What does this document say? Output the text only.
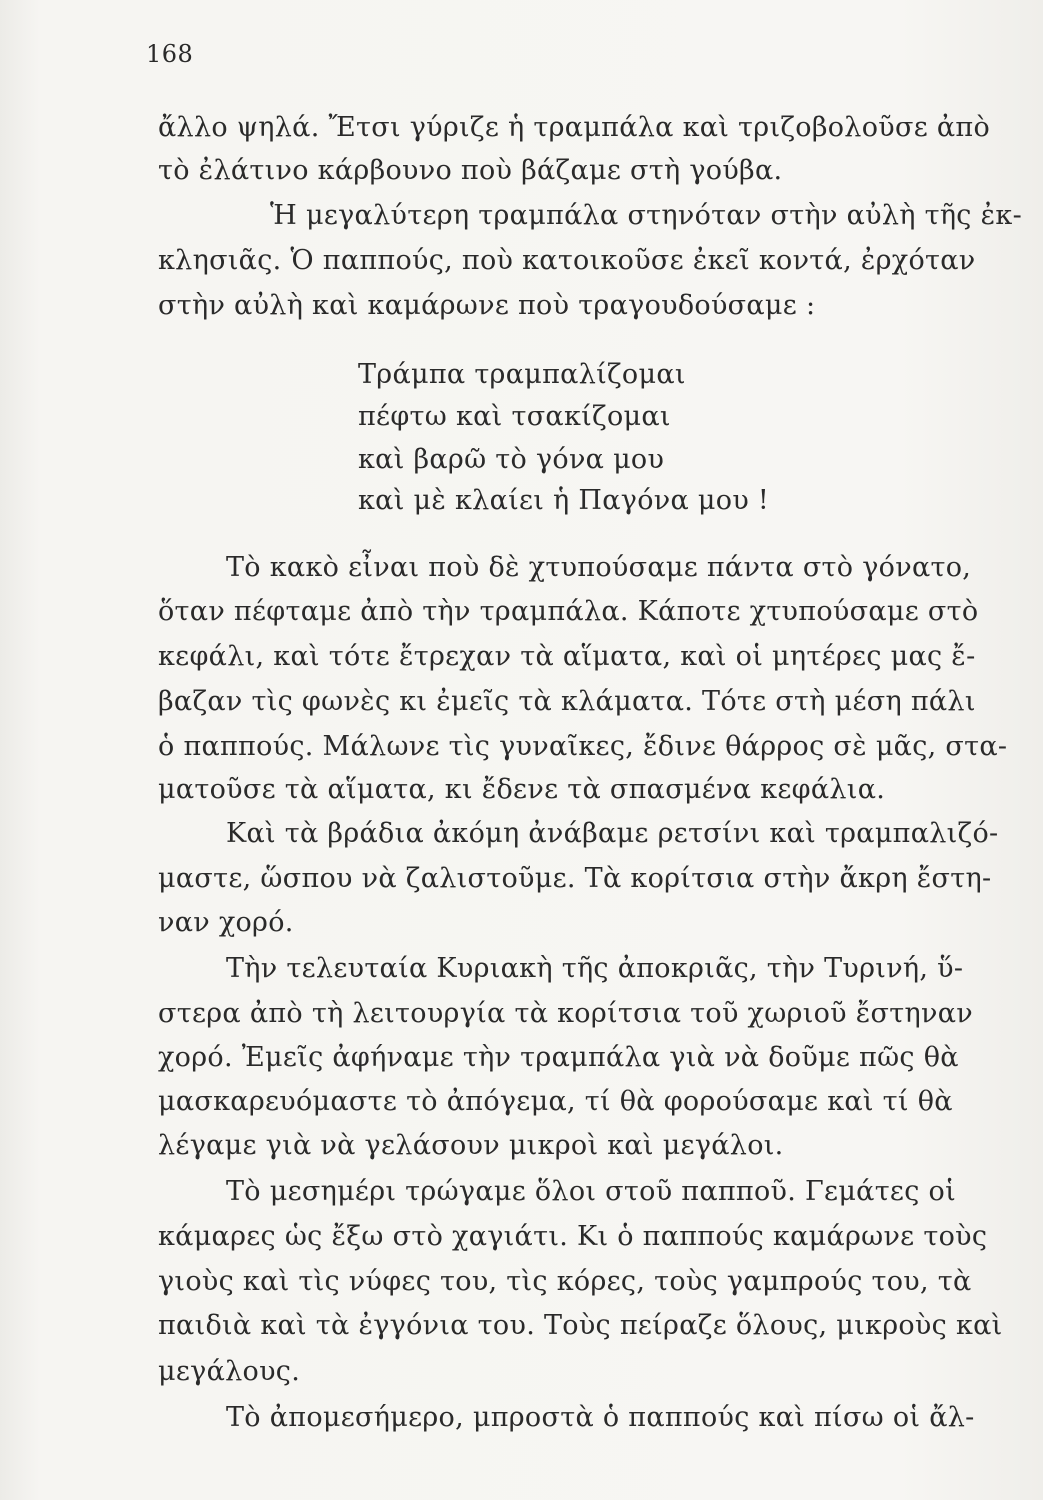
168
ἄλλο ψηλά. Ἔτσι γύριζε ἡ τραμπάλα καὶ τριζοβολοῦσε ἀπὸ
τὸ ἐλάτινο κάρβουνο ποὺ βάζαμε στὴ γούβα.
Ἡ μεγαλύτερη τραμπάλα στηνόταν στὴν αὐλὴ τῆς ἐκ-
κλησιᾶς. Ὁ παππούς, ποὺ κατοικοῦσε ἐκεῖ κοντά, ἐρχόταν
στὴν αὐλὴ καὶ καμάρωνε ποὺ τραγουδούσαμε :
Τὸ κακὸ εἶναι ποὺ δὲ χτυπούσαμε πάντα στὸ γόνατο,
ὅταν πέφταμε ἀπὸ τὴν τραμπάλα. Κάποτε χτυπούσαμε στὸ
κεφάλι, καὶ τότε ἔτρεχαν τὰ αἵματα, καὶ οἱ μητέρες μας ἔ-
βαζαν τὶς φωνὲς κι ἐμεῖς τὰ κλάματα. Τότε στὴ μέση πάλι
ὁ παππούς. Μάλωνε τὶς γυναῖκες, ἔδινε θάρρος σὲ μᾶς, στα-
ματοῦσε τὰ αἵματα, κι ἔδενε τὰ σπασμένα κεφάλια.
Καὶ τὰ βράδια ἀκόμη ἀνάβαμε ρετσίνι καὶ τραμπαλιζό-
μαστε, ὥσπου νὰ ζαλιστοῦμε. Τὰ κορίτσια στὴν ἄκρη ἔστη-
ναν χορό.
Τὴν τελευταία Κυριακὴ τῆς ἀποκριᾶς, τὴν Τυρινή, ὕ-
στερα ἀπὸ τὴ λειτουργία τὰ κορίτσια τοῦ χωριοῦ ἔστηναν
χορό. Ἐμεῖς ἀφήναμε τὴν τραμπάλα γιὰ νὰ δοῦμε πῶς θὰ
μασκαρευόμαστε τὸ ἀπόγεμα, τί θὰ φορούσαμε καὶ τί θὰ
λέγαμε γιὰ νὰ γελάσουν μικροὶ καὶ μεγάλοι.
Τὸ μεσημέρι τρώγαμε ὅλοι στοῦ παπποῦ. Γεμάτες οἱ
κάμαρες ὡς ἔξω στὸ χαγιάτι. Κι ὁ παππούς καμάρωνε τοὺς
γιοὺς καὶ τὶς νύφες του, τὶς κόρες, τοὺς γαμπρούς του, τὰ
παιδιὰ καὶ τὰ ἐγγόνια του. Τοὺς πείραζε ὅλους, μικροὺς καὶ
μεγάλους.
Τὸ ἀπομεσήμερο, μπροστὰ ὁ παππούς καὶ πίσω οἱ ἄλ-
Τράμπα τραμπαλίζομαι
πέφτω καὶ τσακίζομαι
καὶ βαρῶ τὸ γόνα μου
καὶ μὲ κλαίει ἡ Παγόνα μου !
